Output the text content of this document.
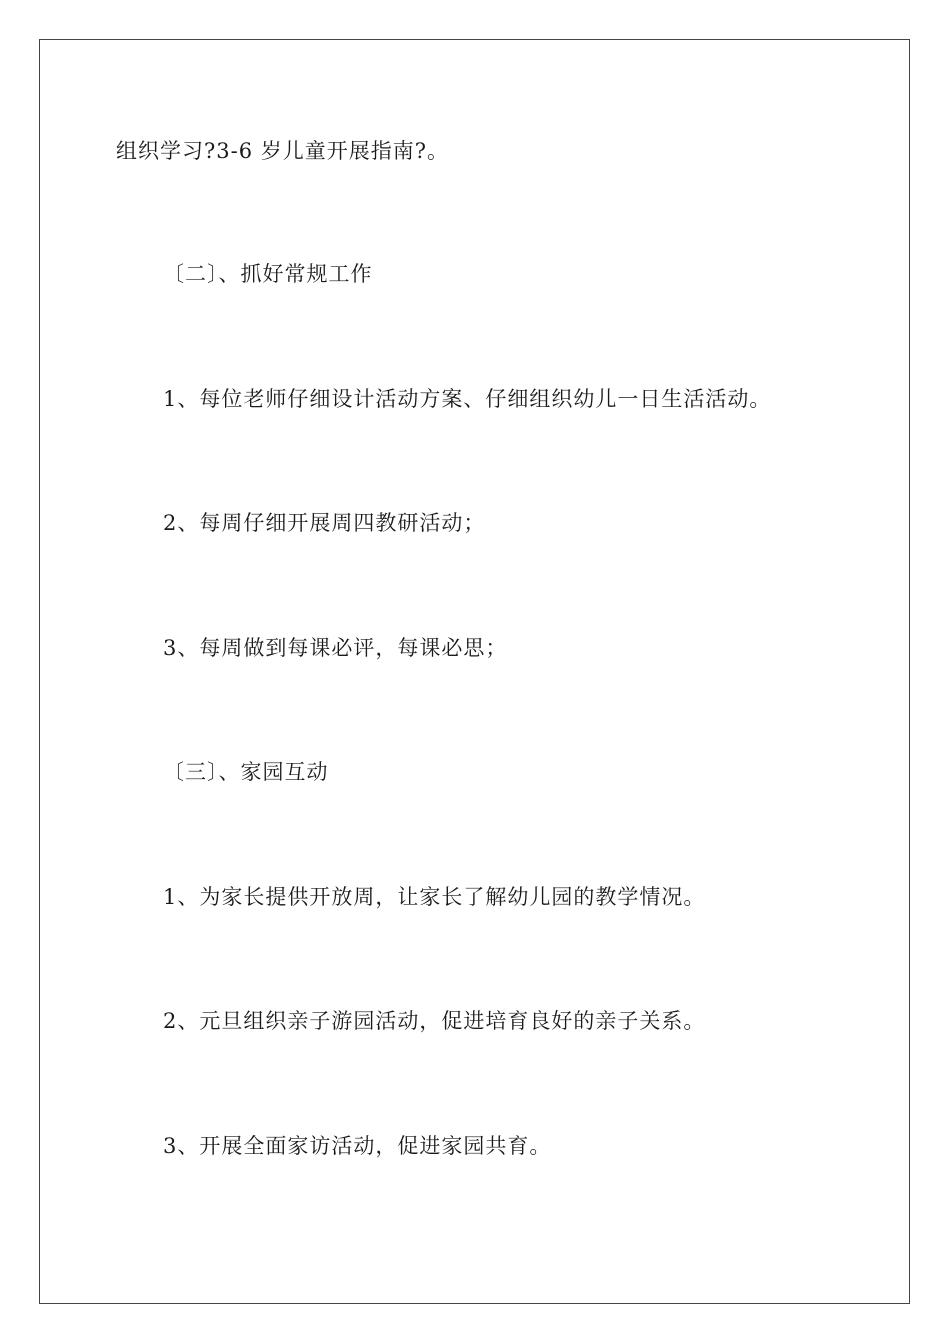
组织学习?3-6 岁儿童开展指南?。
〔二〕、抓好常规工作
1、每位老师仔细设计活动方案、仔细组织幼儿一日生活活动。
2、每周仔细开展周四教研活动；
3、每周做到每课必评，每课必思；
〔三〕、家园互动
1、为家长提供开放周，让家长了解幼儿园的教学情况。
2、元旦组织亲子游园活动，促进培育良好的亲子关系。
3、开展全面家访活动，促进家园共育。
